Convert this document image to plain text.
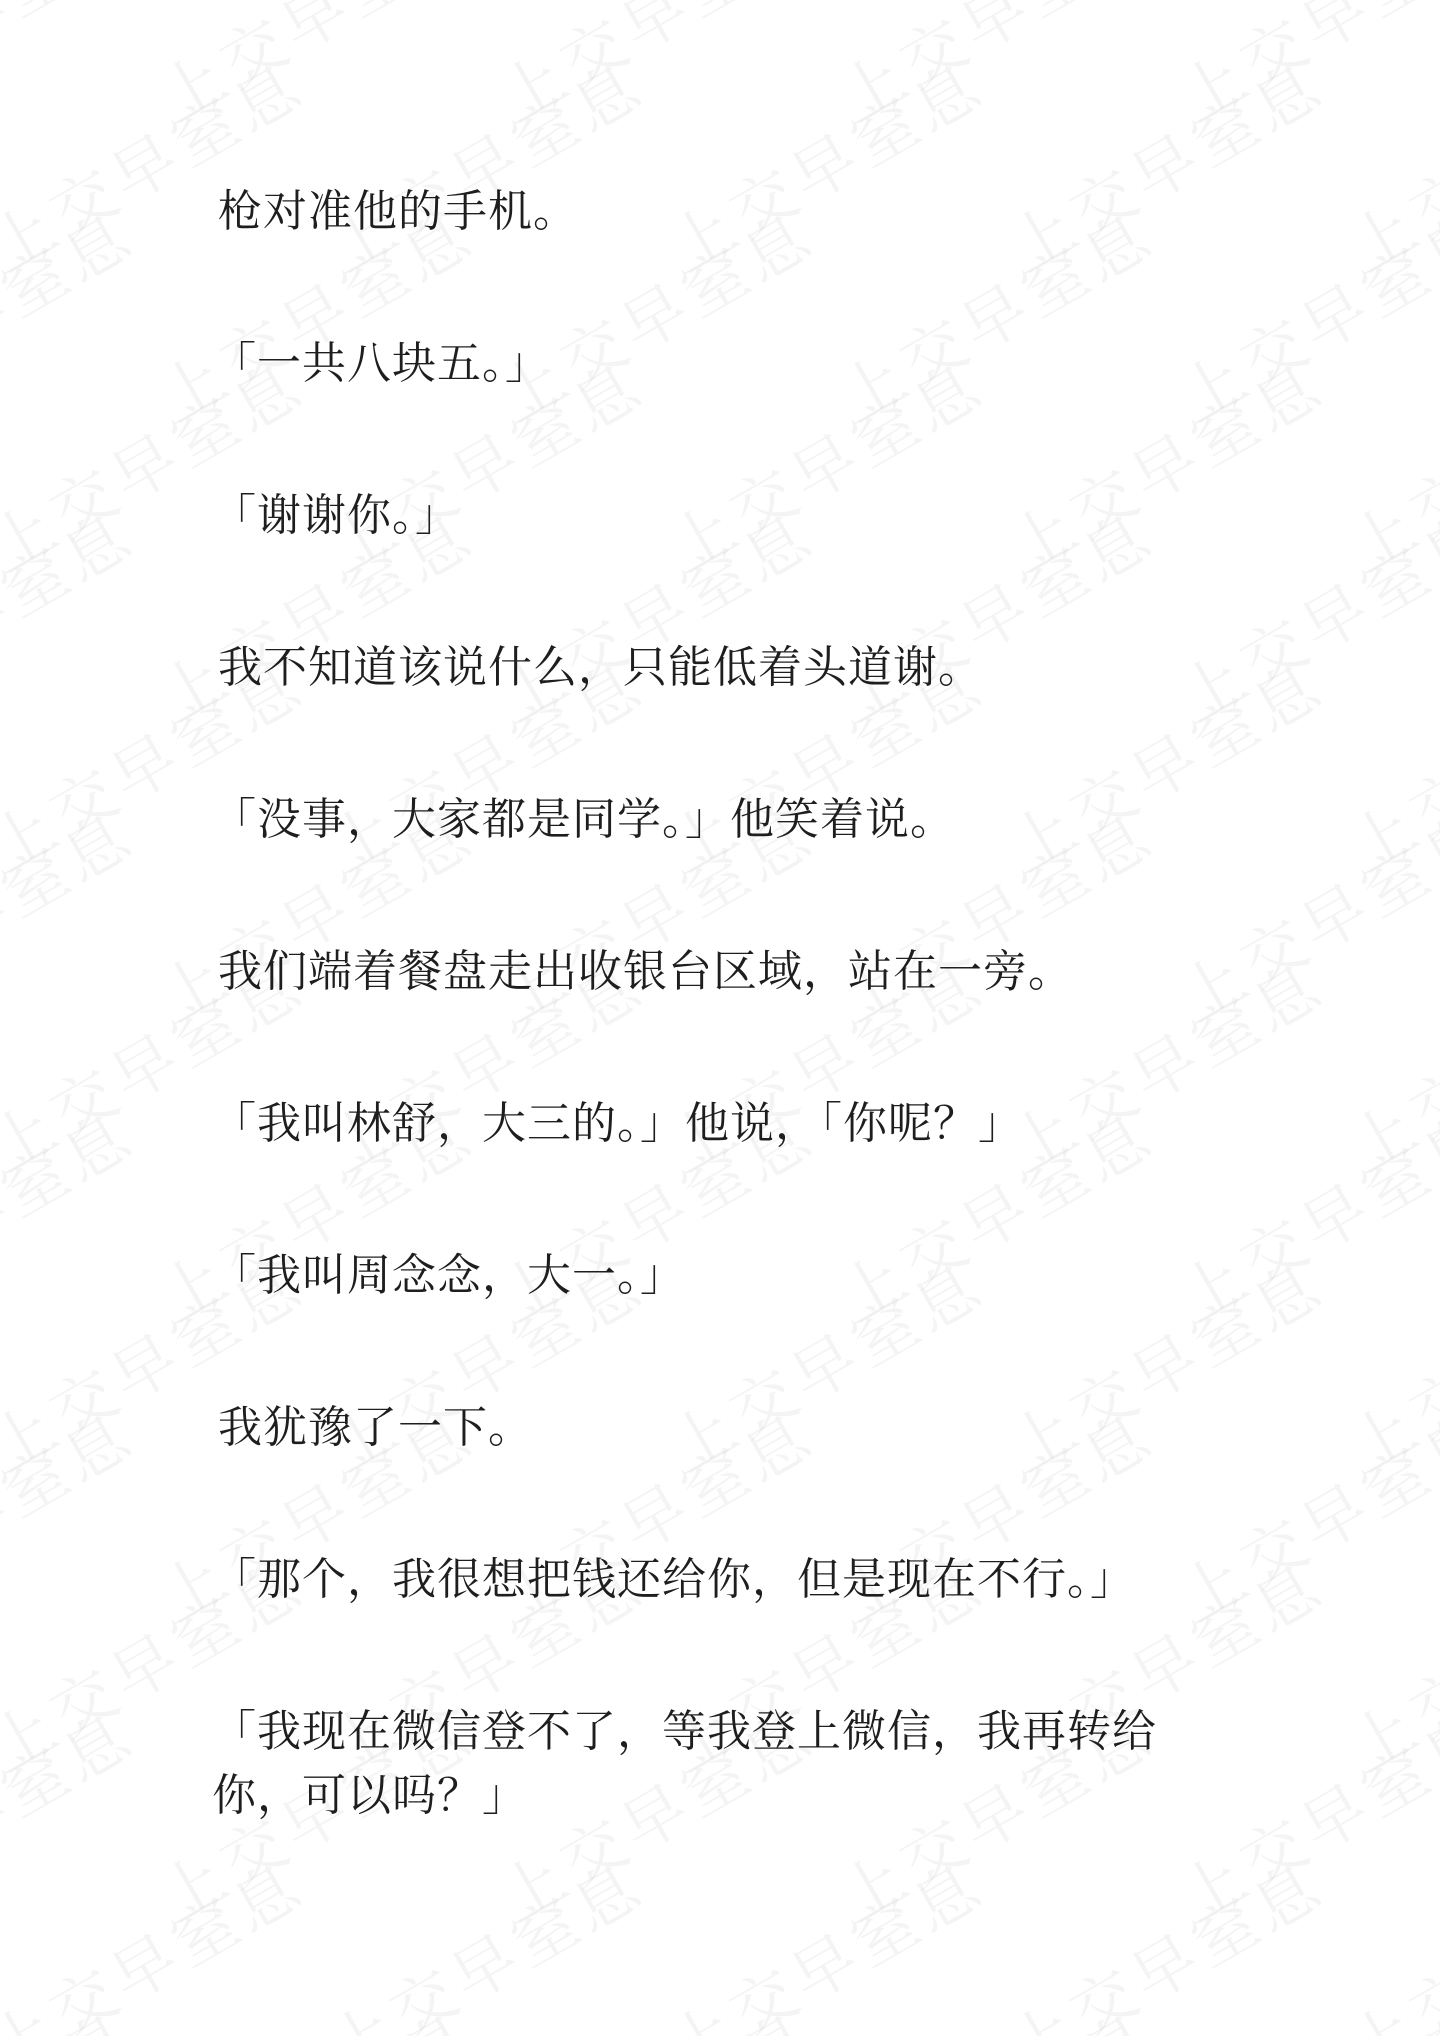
枪对准他的手机。

「一共八块五。」

「谢谢你。」

我不知道该说什么，只能低着头道谢。

「没事，大家都是同学。」他笑着说。

我们端着餐盘走出收银台区域，站在一旁。

「我叫林舒，大三的。」他说，「你呢？」

「我叫周念念，大一。」

我犹豫了一下。

「那个，我很想把钱还给你，但是现在不行。」

「我现在微信登不了，等我登上微信，我再转给你，可以吗？」
